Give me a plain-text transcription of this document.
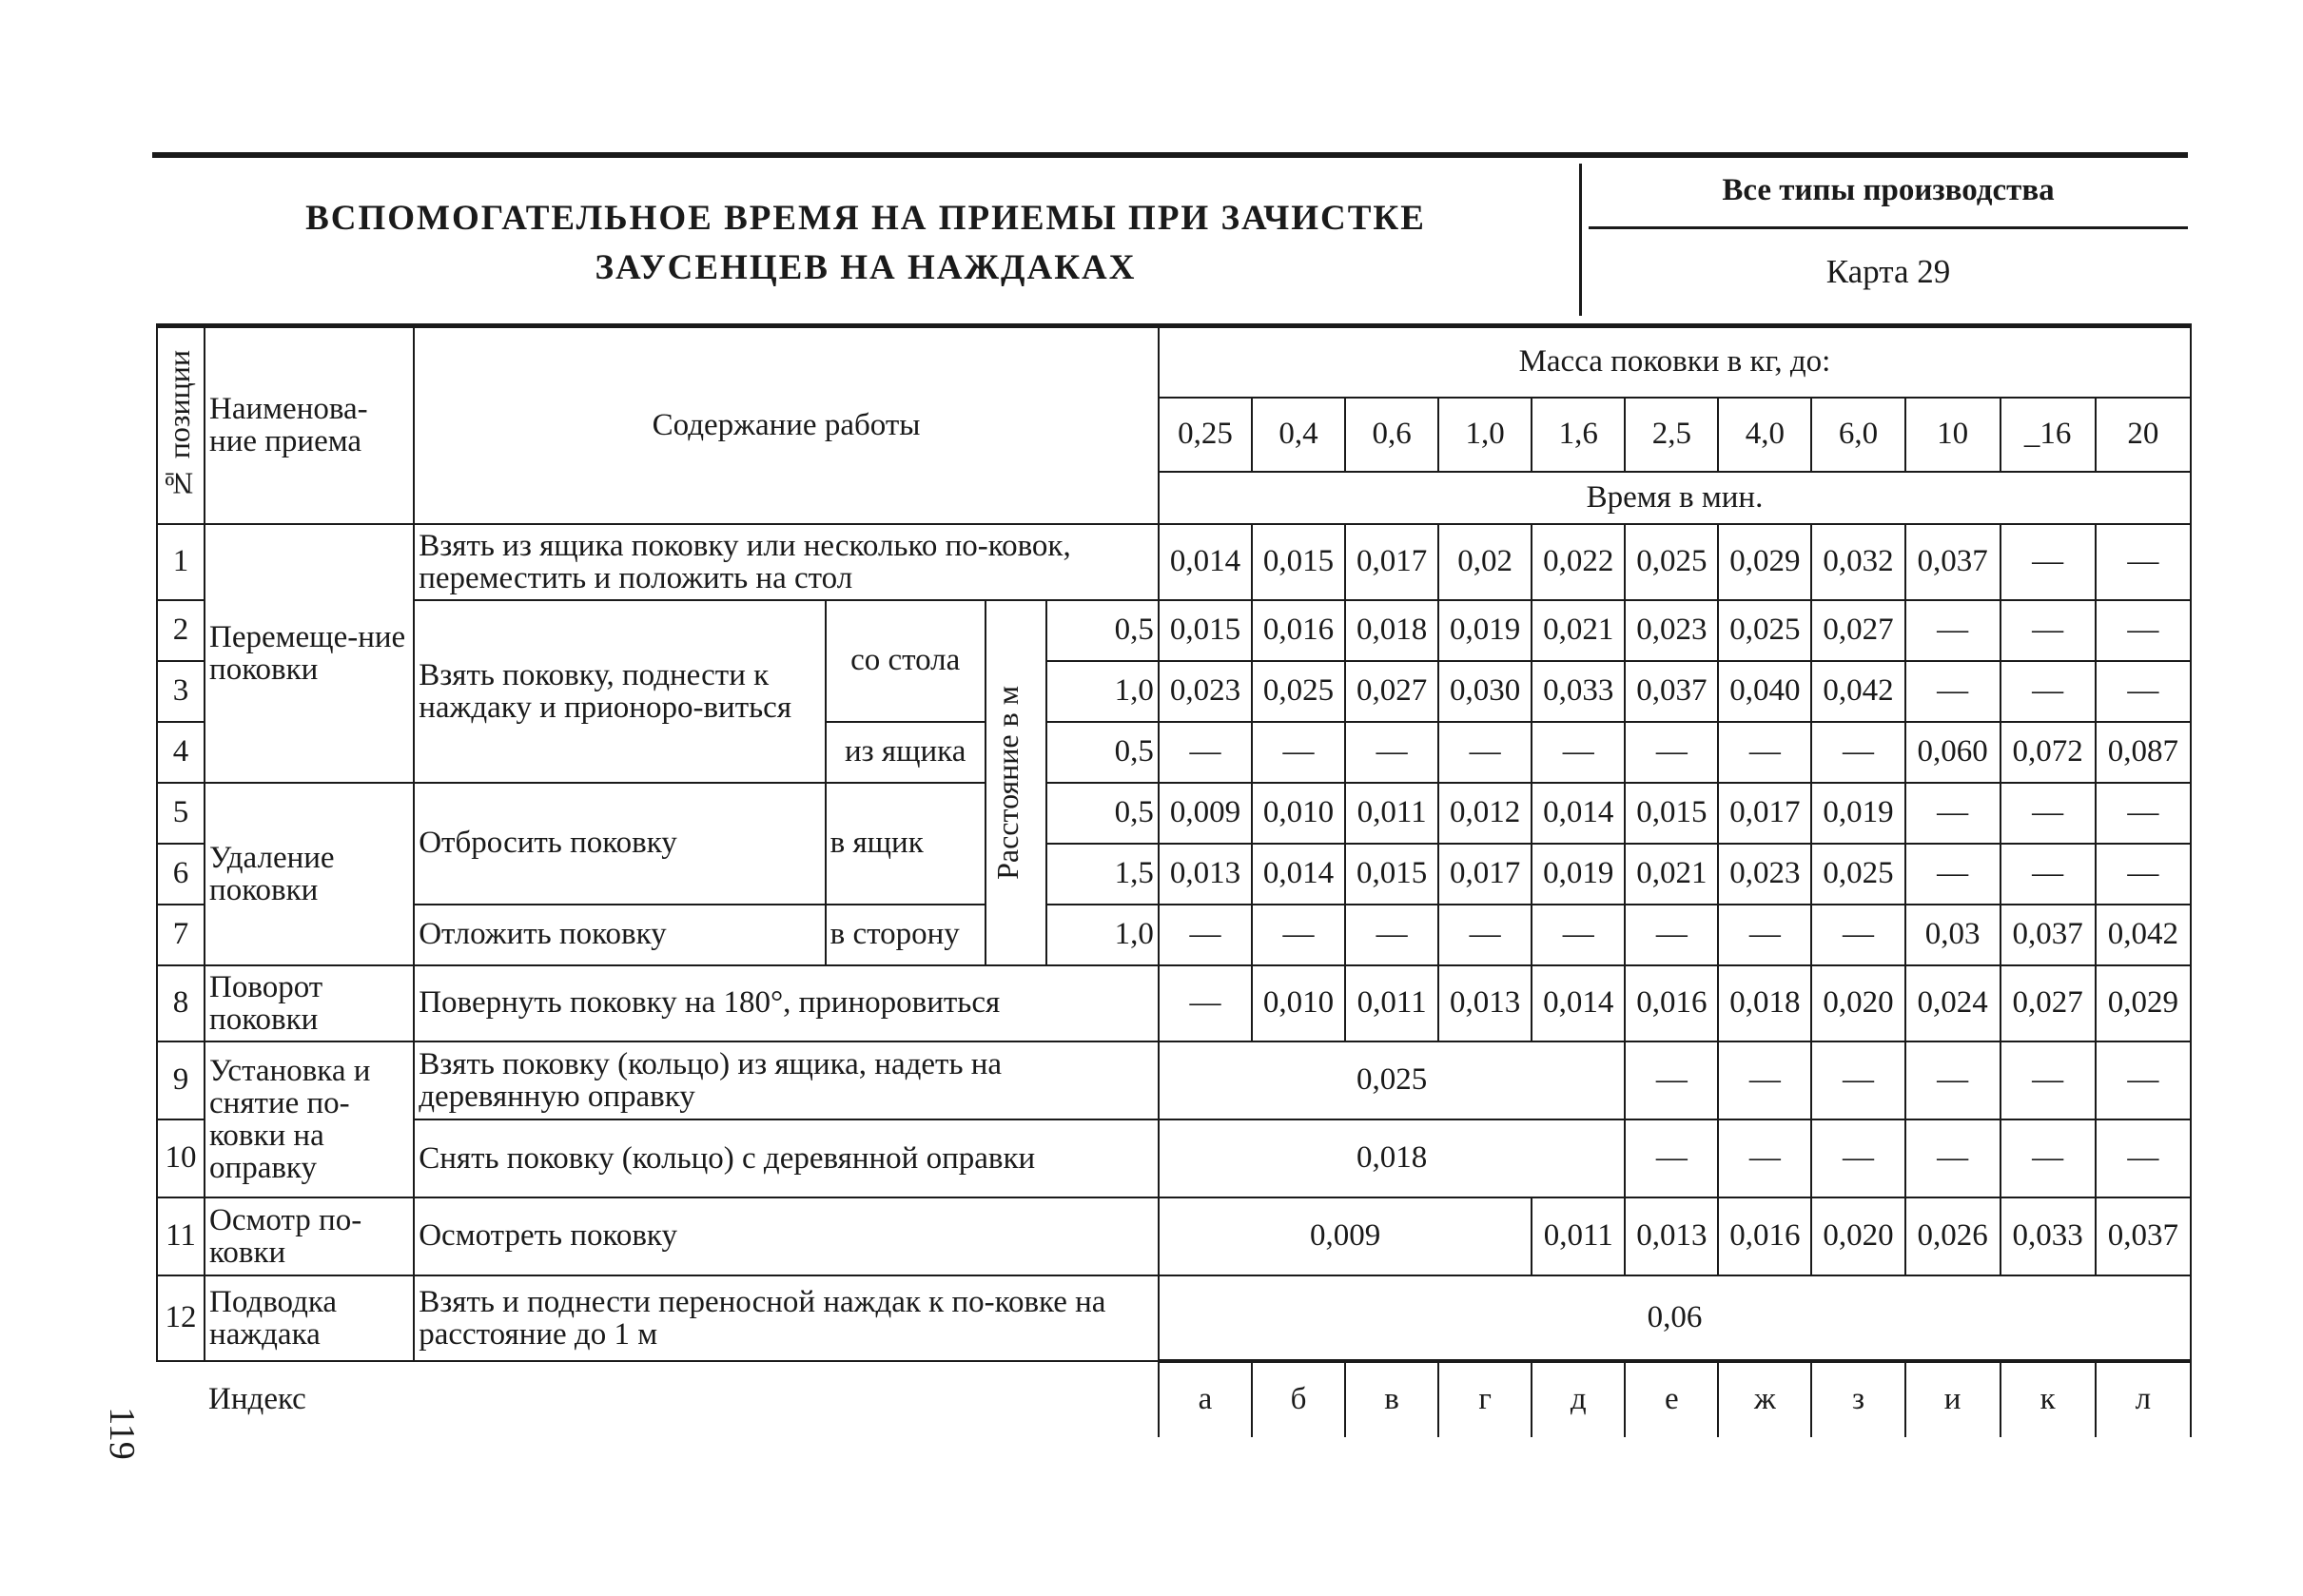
ВСПОМОГАТЕЛЬНОЕ ВРЕМЯ НА ПРИЕМЫ ПРИ ЗАЧИСТКЕ
ЗАУСЕНЦЕВ НА НАЖДАКАХ
Все типы производства
Карта 29
№ позиции	Наименова-ние приема	Содержание работы				Масса поковки в кг, до:										
						0,25	0,4	0,6	1,0	1,6	2,5	4,0	6,0	10	_16	20
						Время в мин.										
1	Перемеще-ние поковки	Взять из ящика поковку или несколько по-ковок, переместить и положить на стол				0,014	0,015	0,017	0,02	0,022	0,025	0,029	0,032	0,037	—	—
2		Взять поковку, поднести к наждаку и прионоро-виться	со стола	Расстояние в м	0,5	0,015	0,016	0,018	0,019	0,021	0,023	0,025	0,027	—	—	—
3					1,0	0,023	0,025	0,027	0,030	0,033	0,037	0,040	0,042	—	—	—
4			из ящика		0,5	—	—	—	—	—	—	—	—	0,060	0,072	0,087
5	Удаление поковки	Отбросить поковку	в ящик		0,5	0,009	0,010	0,011	0,012	0,014	0,015	0,017	0,019	—	—	—
6					1,5	0,013	0,014	0,015	0,017	0,019	0,021	0,023	0,025	—	—	—
7		Отложить поковку	в сторону		1,0	—	—	—	—	—	—	—	—	0,03	0,037	0,042
8	Поворот поковки	Повернуть поковку на 180°, приноровиться				—	0,010	0,011	0,013	0,014	0,016	0,018	0,020	0,024	0,027	0,029
9	Установка и снятие по-ковки на оправку	Взять поковку (кольцо) из ящика, надеть на деревянную оправку				0,025					—	—	—	—	—	—
10		Снять поковку (кольцо) с деревянной оправки				0,018					—	—	—	—	—	—
11	Осмотр по-ковки	Осмотреть поковку				0,009				0,011	0,013	0,016	0,020	0,026	0,033	0,037
12	Подводка наждака	Взять и поднести переносной наждак к по-ковке на расстояние до 1 м				0,06										
	Индекс					а	б	в	г	д	е	ж	з	и	к	л
119
